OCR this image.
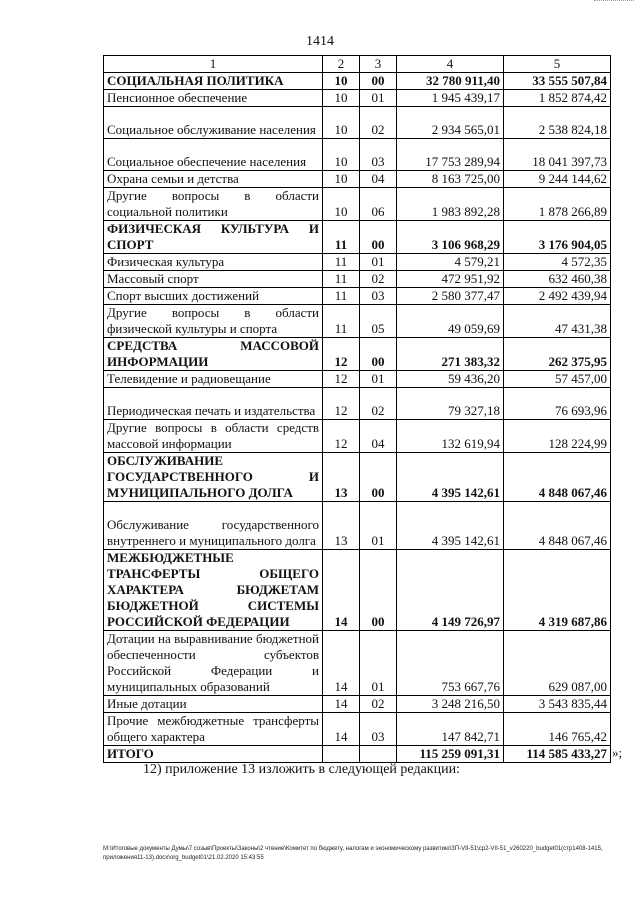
1414
1	2	3	4	5
СОЦИАЛЬНАЯ ПОЛИТИКА	10	00	32 780 911,40	33 555 507,84
Пенсионное обеспечение	10	01	1 945 439,17	1 852 874,42
Социальное обслуживание населения	10	02	2 934 565,01	2 538 824,18
Социальное обеспечение населения	10	03	17 753 289,94	18 041 397,73
Охрана семьи и детства	10	04	8 163 725,00	9 244 144,62
Другие вопросы в области социальной политики	10	06	1 983 892,28	1 878 266,89
ФИЗИЧЕСКАЯ КУЛЬТУРА И СПОРТ	11	00	3 106 968,29	3 176 904,05
Физическая культура	11	01	4 579,21	4 572,35
Массовый спорт	11	02	472 951,92	632 460,38
Спорт высших достижений	11	03	2 580 377,47	2 492 439,94
Другие вопросы в области физической культуры и спорта	11	05	49 059,69	47 431,38
СРЕДСТВА МАССОВОЙ ИНФОРМАЦИИ	12	00	271 383,32	262 375,95
Телевидение и радиовещание	12	01	59 436,20	57 457,00
Периодическая печать и издательства	12	02	79 327,18	76 693,96
Другие вопросы в области средств массовой информации	12	04	132 619,94	128 224,99
ОБСЛУЖИВАНИЕ ГОСУДАРСТВЕННОГО И МУНИЦИПАЛЬНОГО ДОЛГА	13	00	4 395 142,61	4 848 067,46
Обслуживание государственного внутреннего и муниципального долга	13	01	4 395 142,61	4 848 067,46
МЕЖБЮДЖЕТНЫЕ ТРАНСФЕРТЫ ОБЩЕГО ХАРАКТЕРА БЮДЖЕТАМ БЮДЖЕТНОЙ СИСТЕМЫ РОССИЙСКОЙ ФЕДЕРАЦИИ	14	00	4 149 726,97	4 319 687,86
Дотации на выравнивание бюджетной обеспеченности субъектов Российской Федерации и муниципальных образований	14	01	753 667,76	629 087,00
Иные дотации	14	02	3 248 216,50	3 543 835,44
Прочие межбюджетные трансферты общего характера	14	03	147 842,71	146 765,42
ИТОГО			115 259 091,31	114 585 433,27 »;
12) приложение 13 изложить в следующей редакции:
M:\Итоговые документы Думы\7 созыв\Проекты\Законы\2 чтение\Комитет по бюджету, налогам и экономическому развитию\ЗП-VII-51\ср2-VII-51_v260220_budget01(стр1408-1415, приложения11-13).docx\org_budget01\21.02.2020 15:43:55
